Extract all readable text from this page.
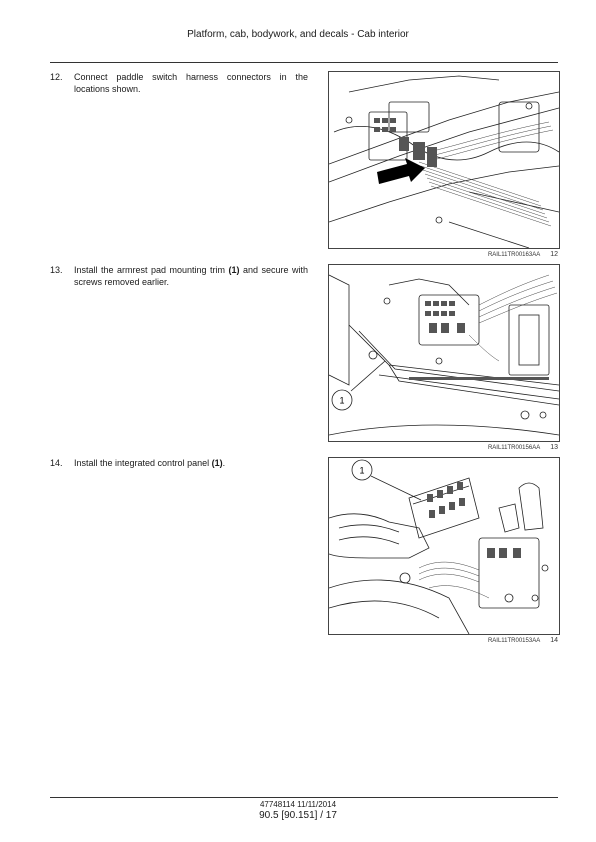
Platform, cab, bodywork, and decals - Cab interior
12.	Connect paddle switch harness connectors in the locations shown.
RAIL11TR00163AA 12
13.	Install the armrest pad mounting trim (1) and secure with screws removed earlier.
1
RAIL11TR00156AA 13
14.	Install the integrated control panel (1).
1
RAIL11TR00153AA 14
47748114 11/11/2014
90.5 [90.151] / 17
